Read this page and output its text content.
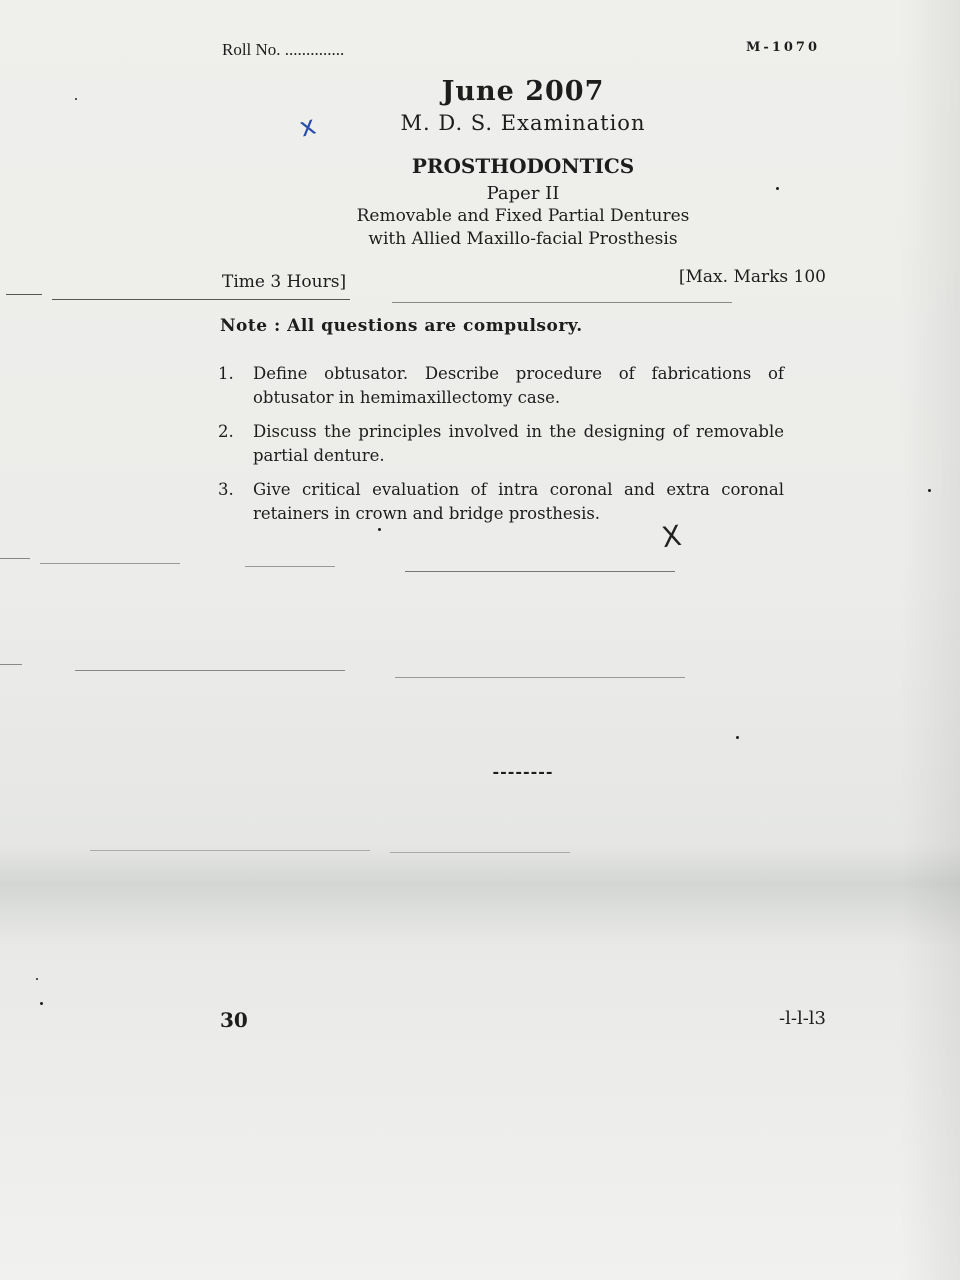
Roll No. ..............	M-1070
June 2007
M. D. S. Examination
PROSTHODONTICS
Paper II
Removable and Fixed Partial Dentures
with Allied Maxillo-facial Prosthesis
Time 3 Hours]	[Max. Marks 100
Note : All questions are compulsory.
1. Define obtusator. Describe procedure of fabrications of obtusator in hemimaxillectomy case.
2. Discuss the principles involved in the designing of removable partial denture.
3. Give critical evaluation of intra coronal and extra coronal retainers in crown and bridge prosthesis.
--------
30	-l-l-l3
x
X
